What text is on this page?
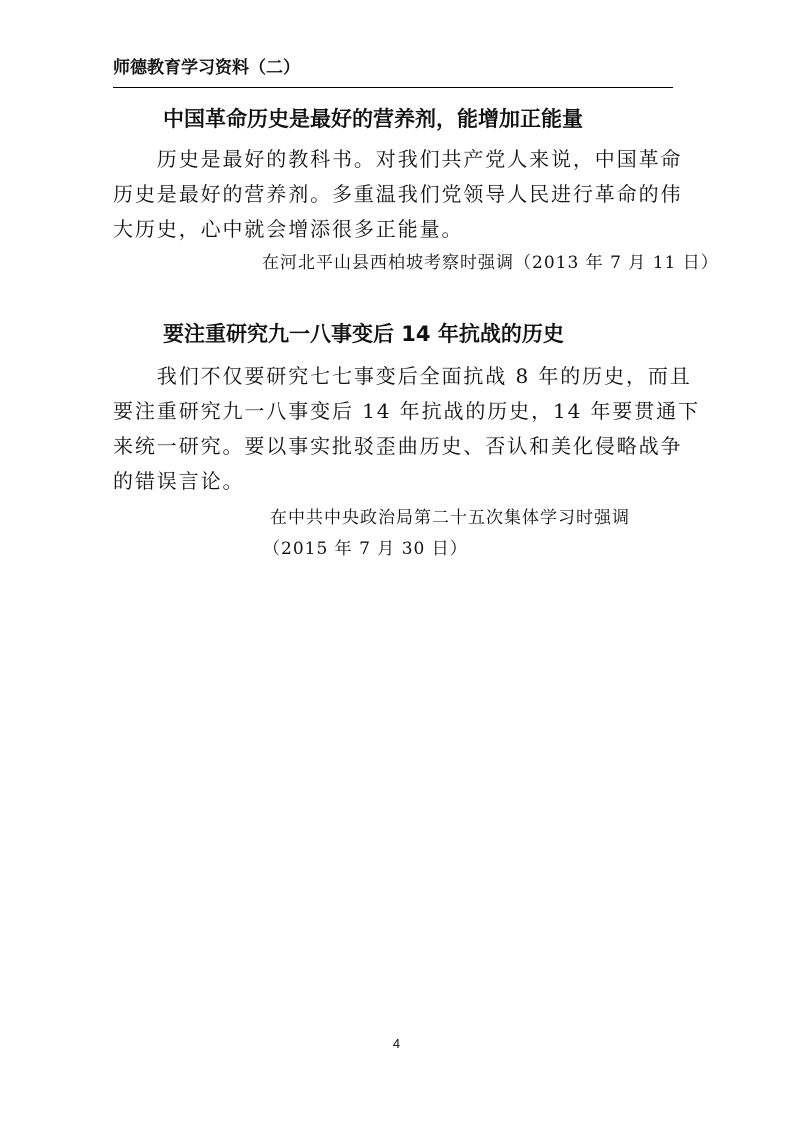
师德教育学习资料（二）
中国革命历史是最好的营养剂，能增加正能量
　　历史是最好的教科书。对我们共产党人来说，中国革命
历史是最好的营养剂。多重温我们党领导人民进行革命的伟
大历史，心中就会增添很多正能量。
在河北平山县西柏坡考察时强调（2013 年 7 月 11 日）
要注重研究九一八事变后 14 年抗战的历史
　　我们不仅要研究七七事变后全面抗战 8 年的历史，而且
要注重研究九一八事变后 14 年抗战的历史，14 年要贯通下
来统一研究。要以事实批驳歪曲历史、否认和美化侵略战争
的错误言论。
在中共中央政治局第二十五次集体学习时强调
（2015 年 7 月 30 日）
4
